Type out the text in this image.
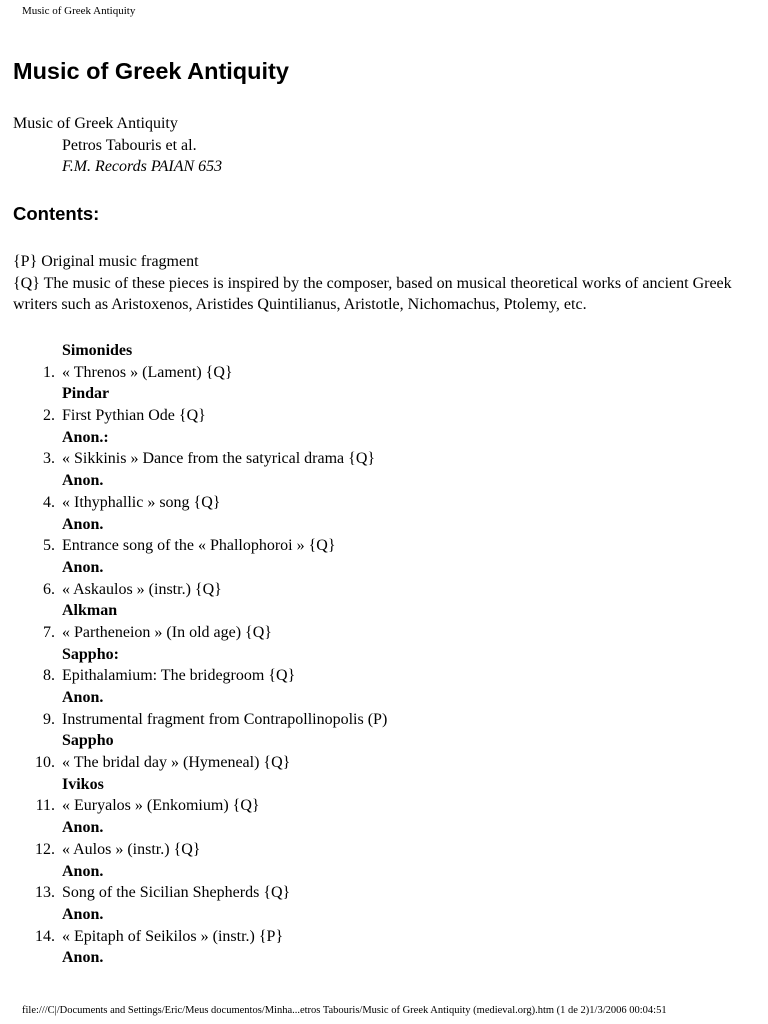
Music of Greek Antiquity
Music of Greek Antiquity
Music of Greek Antiquity
Petros Tabouris et al.
F.M. Records PAIAN 653
Contents:
{P} Original music fragment
{Q} The music of these pieces is inspired by the composer, based on musical theoretical works of ancient Greek writers such as Aristoxenos, Aristides Quintilianus, Aristotle, Nichomachus, Ptolemy, etc.
Simonides
1. « Threnos » (Lament) {Q}
Pindar
2. First Pythian Ode {Q}
Anon.:
3. « Sikkinis » Dance from the satyrical drama {Q}
Anon.
4. « Ithyphallic » song {Q}
Anon.
5. Entrance song of the « Phallophoroi » {Q}
Anon.
6. « Askaulos » (instr.) {Q}
Alkman
7. « Partheneion » (In old age) {Q}
Sappho:
8. Epithalamium: The bridegroom {Q}
Anon.
9. Instrumental fragment from Contrapollinopolis (P)
Sappho
10. « The bridal day » (Hymeneal) {Q}
Ivikos
11. « Euryalos » (Enkomium) {Q}
Anon.
12. « Aulos » (instr.) {Q}
Anon.
13. Song of the Sicilian Shepherds {Q}
Anon.
14. « Epitaph of Seikilos » (instr.) {P}
Anon.
file:///C|/Documents and Settings/Eric/Meus documentos/Minha...etros Tabouris/Music of Greek Antiquity (medieval.org).htm (1 de 2)1/3/2006 00:04:51
